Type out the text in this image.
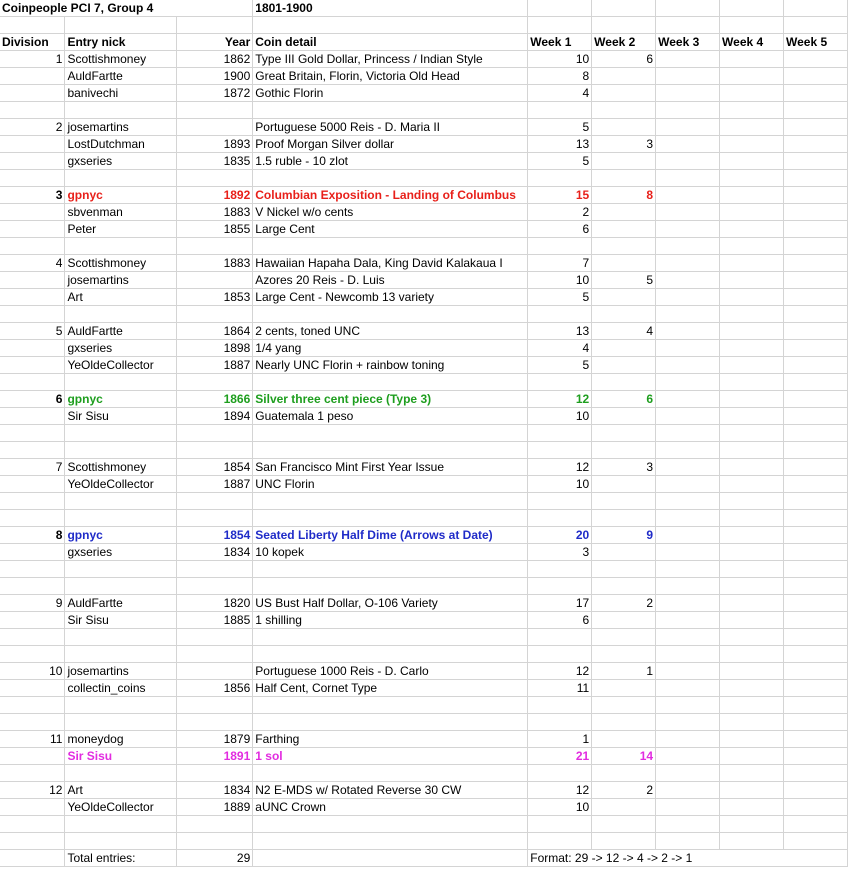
Coinpeople PCI 7, Group 4			1801-1900					

Division	Entry nick	Year	Coin detail	Week 1	Week 2	Week 3	Week 4	Week 5
1	Scottishmoney	1862	Type III Gold Dollar, Princess / Indian Style	10	6			
	AuldFartte	1900	Great Britain, Florin, Victoria Old Head	8				
	banivechi	1872	Gothic Florin	4				

2	josemartins		Portuguese 5000 Reis - D. Maria II	5				
	LostDutchman	1893	Proof Morgan Silver dollar	13	3			
	gxseries	1835	1.5 ruble - 10 zlot	5				

3	gpnyc	1892	Columbian Exposition - Landing of Columbus	15	8			
	sbvenman	1883	V Nickel w/o cents	2				
	Peter	1855	Large Cent	6				

4	Scottishmoney	1883	Hawaiian Hapaha Dala, King David Kalakaua I	7				
	josemartins		Azores 20 Reis - D. Luis	10	5			
	Art	1853	Large Cent - Newcomb 13 variety	5				

5	AuldFartte	1864	2 cents, toned UNC	13	4			
	gxseries	1898	1/4 yang	4				
	YeOldeCollector	1887	Nearly UNC Florin + rainbow toning	5				

6	gpnyc	1866	Silver three cent piece (Type 3)	12	6			
	Sir Sisu	1894	Guatemala 1 peso	10				

7	Scottishmoney	1854	San Francisco Mint First Year Issue	12	3			
	YeOldeCollector	1887	UNC Florin	10				

8	gpnyc	1854	Seated Liberty Half Dime (Arrows at Date)	20	9			
	gxseries	1834	10 kopek	3				

9	AuldFartte	1820	US Bust Half Dollar, O-106 Variety	17	2			
	Sir Sisu	1885	1 shilling	6				

10	josemartins		Portuguese 1000 Reis - D. Carlo	12	1			
	collectin_coins	1856	Half Cent, Cornet Type	11				

11	moneydog	1879	Farthing	1				
	Sir Sisu	1891	1 sol	21	14			

12	Art	1834	N2 E-MDS w/ Rotated Reverse 30 CW	12	2			
	YeOldeCollector	1889	aUNC Crown	10				

	Total entries:	29		Format: 29 -> 12 -> 4 -> 2 -> 1				
